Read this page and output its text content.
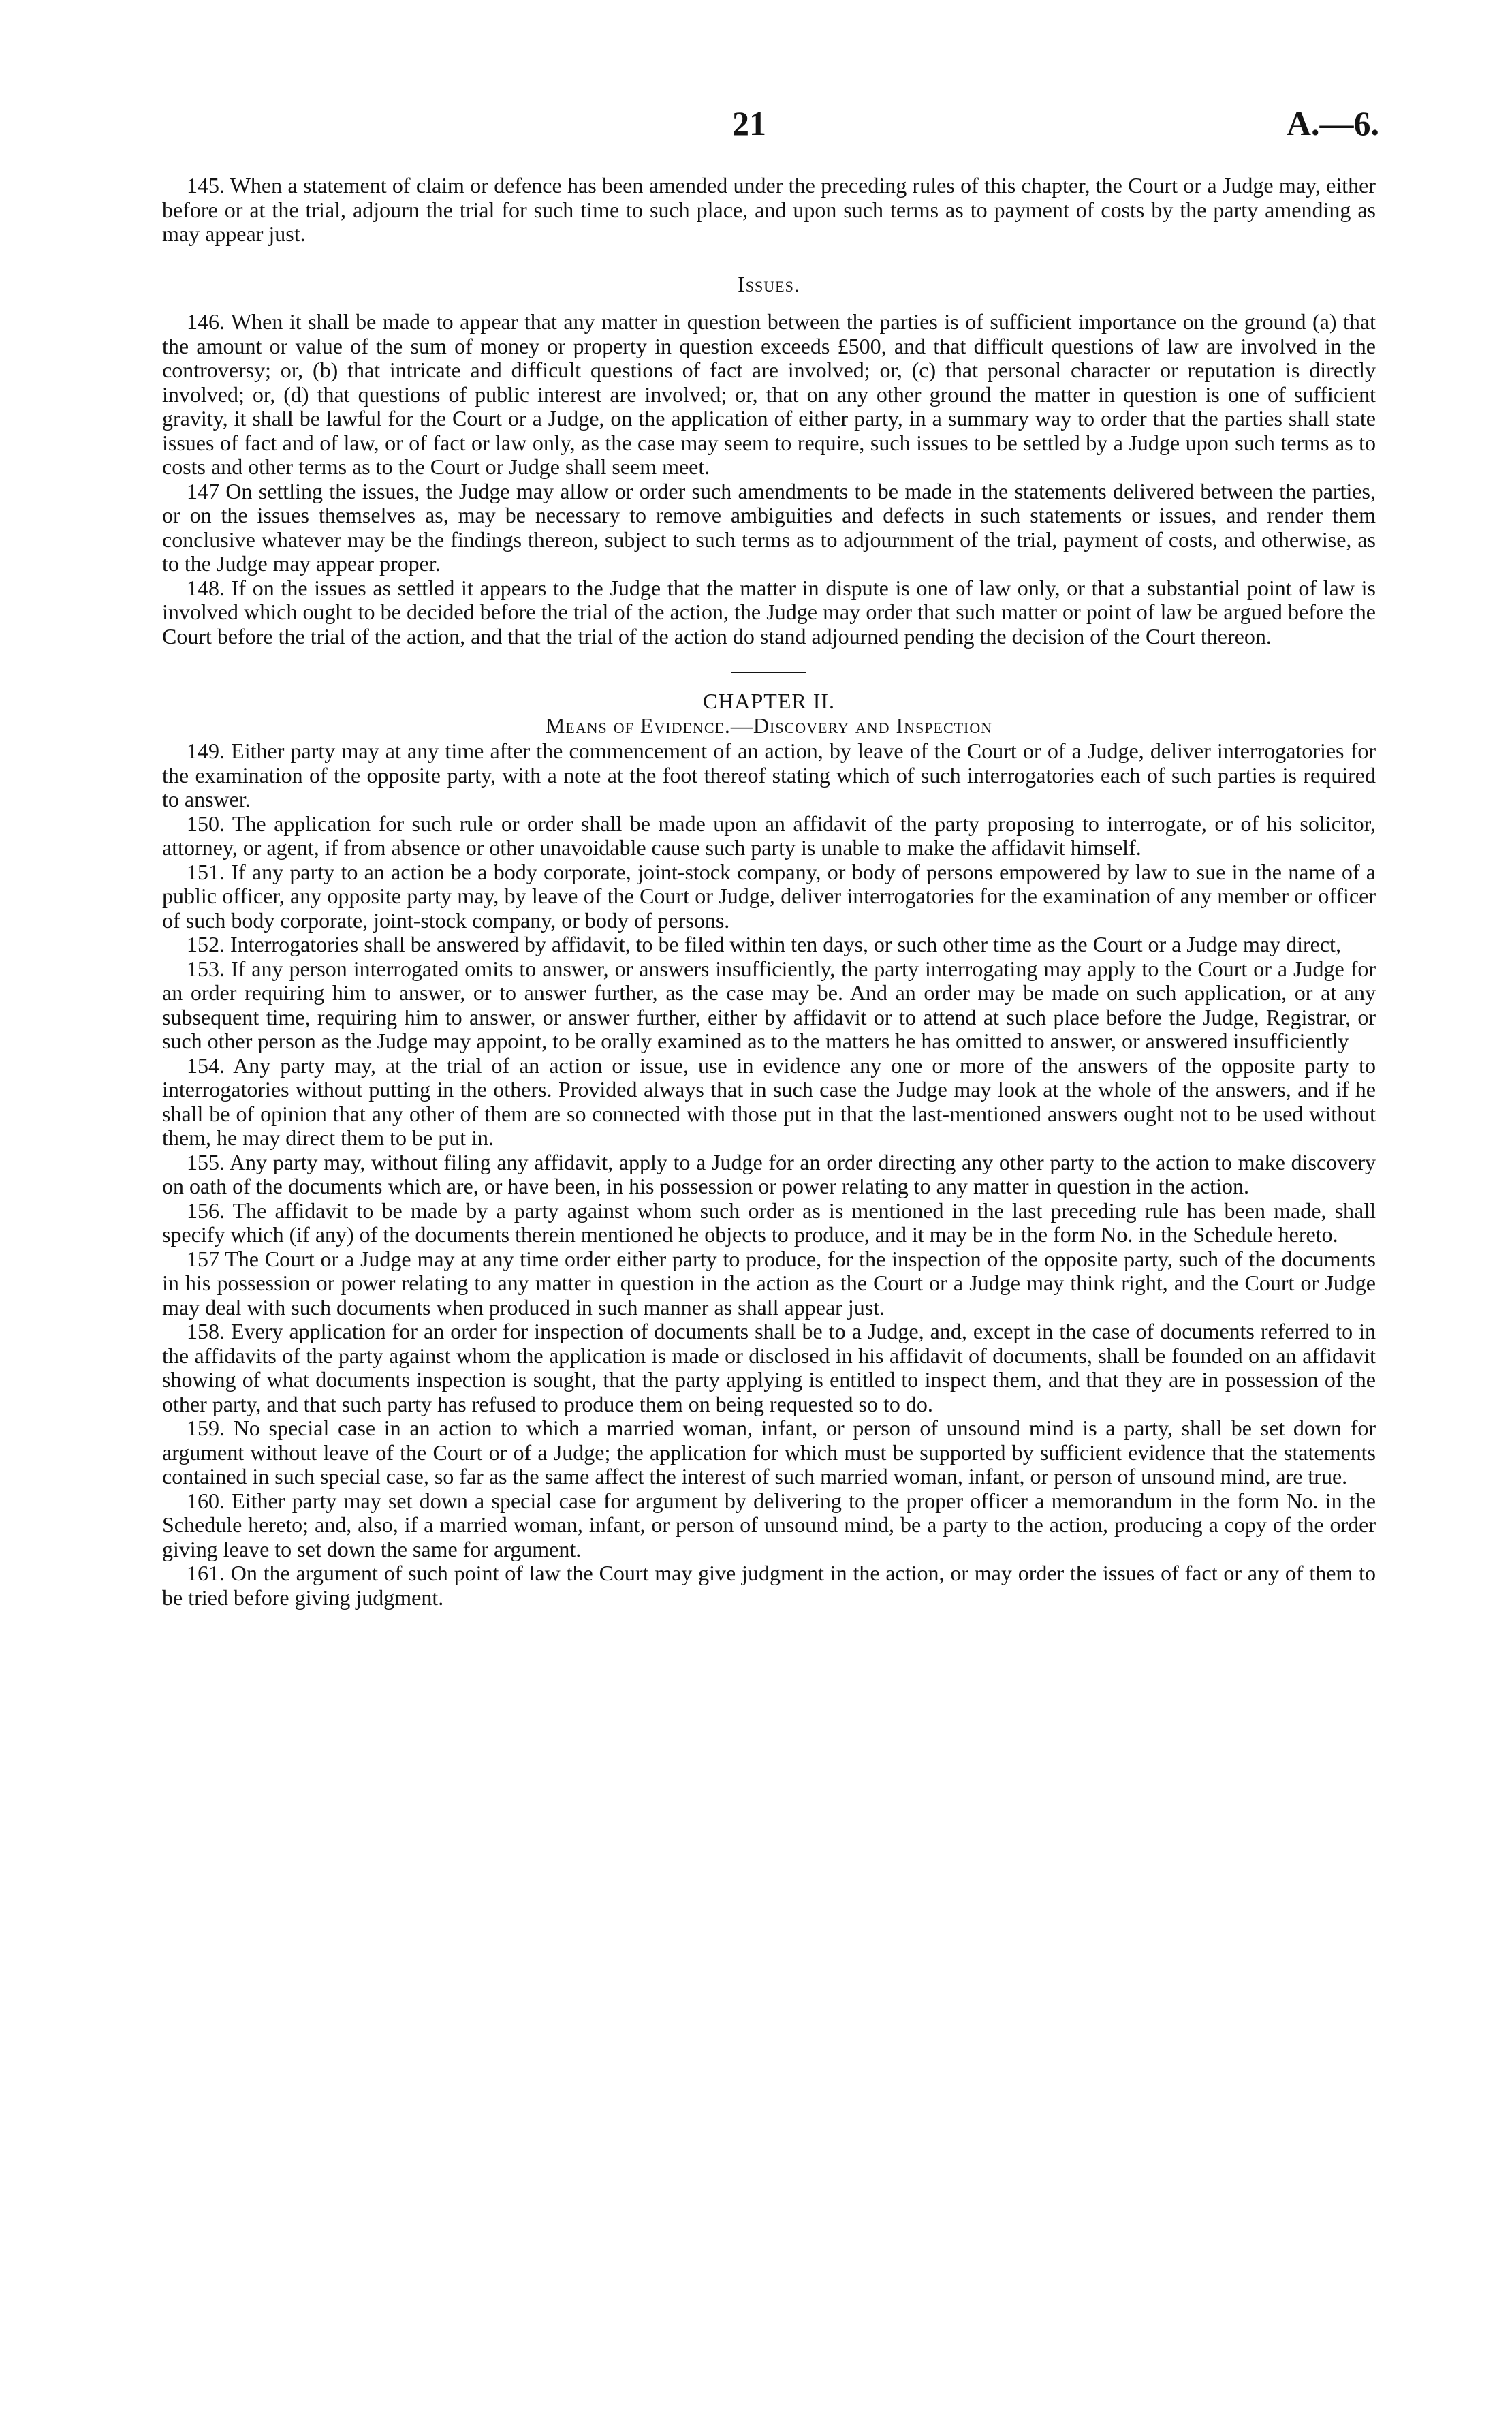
21	A.—6.

145. When a statement of claim or defence has been amended under the preceding rules of this chapter, the Court or a Judge may, either before or at the trial, adjourn the trial for such time to such place, and upon such terms as to payment of costs by the party amending as may appear just.

Issues.

146. When it shall be made to appear that any matter in question between the parties is of sufficient importance on the ground (a) that the amount or value of the sum of money or property in question exceeds £500, and that difficult questions of law are involved in the controversy; or, (b) that intricate and difficult questions of fact are involved; or, (c) that personal character or reputation is directly involved; or, (d) that questions of public interest are involved; or, that on any other ground the matter in question is one of sufficient gravity, it shall be lawful for the Court or a Judge, on the application of either party, in a summary way to order that the parties shall state issues of fact and of law, or of fact or law only, as the case may seem to require, such issues to be settled by a Judge upon such terms as to costs and other terms as to the Court or Judge shall seem meet.

147 On settling the issues, the Judge may allow or order such amendments to be made in the statements delivered between the parties, or on the issues themselves as, may be necessary to remove ambiguities and defects in such statements or issues, and render them conclusive whatever may be the findings thereon, subject to such terms as to adjournment of the trial, payment of costs, and otherwise, as to the Judge may appear proper.

148. If on the issues as settled it appears to the Judge that the matter in dispute is one of law only, or that a substantial point of law is involved which ought to be decided before the trial of the action, the Judge may order that such matter or point of law be argued before the Court before the trial of the action, and that the trial of the action do stand adjourned pending the decision of the Court thereon.

CHAPTER II.
Means of Evidence.—Discovery and Inspection

149. Either party may at any time after the commencement of an action, by leave of the Court or of a Judge, deliver interrogatories for the examination of the opposite party, with a note at the foot thereof stating which of such interrogatories each of such parties is required to answer.

150. The application for such rule or order shall be made upon an affidavit of the party proposing to interrogate, or of his solicitor, attorney, or agent, if from absence or other unavoidable cause such party is unable to make the affidavit himself.

151. If any party to an action be a body corporate, joint-stock company, or body of persons empowered by law to sue in the name of a public officer, any opposite party may, by leave of the Court or Judge, deliver interrogatories for the examination of any member or officer of such body corporate, joint-stock company, or body of persons.

152. Interrogatories shall be answered by affidavit, to be filed within ten days, or such other time as the Court or a Judge may direct,

153. If any person interrogated omits to answer, or answers insufficiently, the party interrogating may apply to the Court or a Judge for an order requiring him to answer, or to answer further, as the case may be. And an order may be made on such application, or at any subsequent time, requiring him to answer, or answer further, either by affidavit or to attend at such place before the Judge, Registrar, or such other person as the Judge may appoint, to be orally examined as to the matters he has omitted to answer, or answered insufficiently

154. Any party may, at the trial of an action or issue, use in evidence any one or more of the answers of the opposite party to interrogatories without putting in the others. Provided always that in such case the Judge may look at the whole of the answers, and if he shall be of opinion that any other of them are so connected with those put in that the last-mentioned answers ought not to be used without them, he may direct them to be put in.

155. Any party may, without filing any affidavit, apply to a Judge for an order directing any other party to the action to make discovery on oath of the documents which are, or have been, in his possession or power relating to any matter in question in the action.

156. The affidavit to be made by a party against whom such order as is mentioned in the last preceding rule has been made, shall specify which (if any) of the documents therein mentioned he objects to produce, and it may be in the form No. in the Schedule hereto.

157 The Court or a Judge may at any time order either party to produce, for the inspection of the opposite party, such of the documents in his possession or power relating to any matter in question in the action as the Court or a Judge may think right, and the Court or Judge may deal with such documents when produced in such manner as shall appear just.

158. Every application for an order for inspection of documents shall be to a Judge, and, except in the case of documents referred to in the affidavits of the party against whom the application is made or disclosed in his affidavit of documents, shall be founded on an affidavit showing of what documents inspection is sought, that the party applying is entitled to inspect them, and that they are in possession of the other party, and that such party has refused to produce them on being requested so to do.

159. No special case in an action to which a married woman, infant, or person of unsound mind is a party, shall be set down for argument without leave of the Court or of a Judge; the application for which must be supported by sufficient evidence that the statements contained in such special case, so far as the same affect the interest of such married woman, infant, or person of unsound mind, are true.

160. Either party may set down a special case for argument by delivering to the proper officer a memorandum in the form No. in the Schedule hereto; and, also, if a married woman, infant, or person of unsound mind, be a party to the action, producing a copy of the order giving leave to set down the same for argument.

161. On the argument of such point of law the Court may give judgment in the action, or may order the issues of fact or any of them to be tried before giving judgment.
